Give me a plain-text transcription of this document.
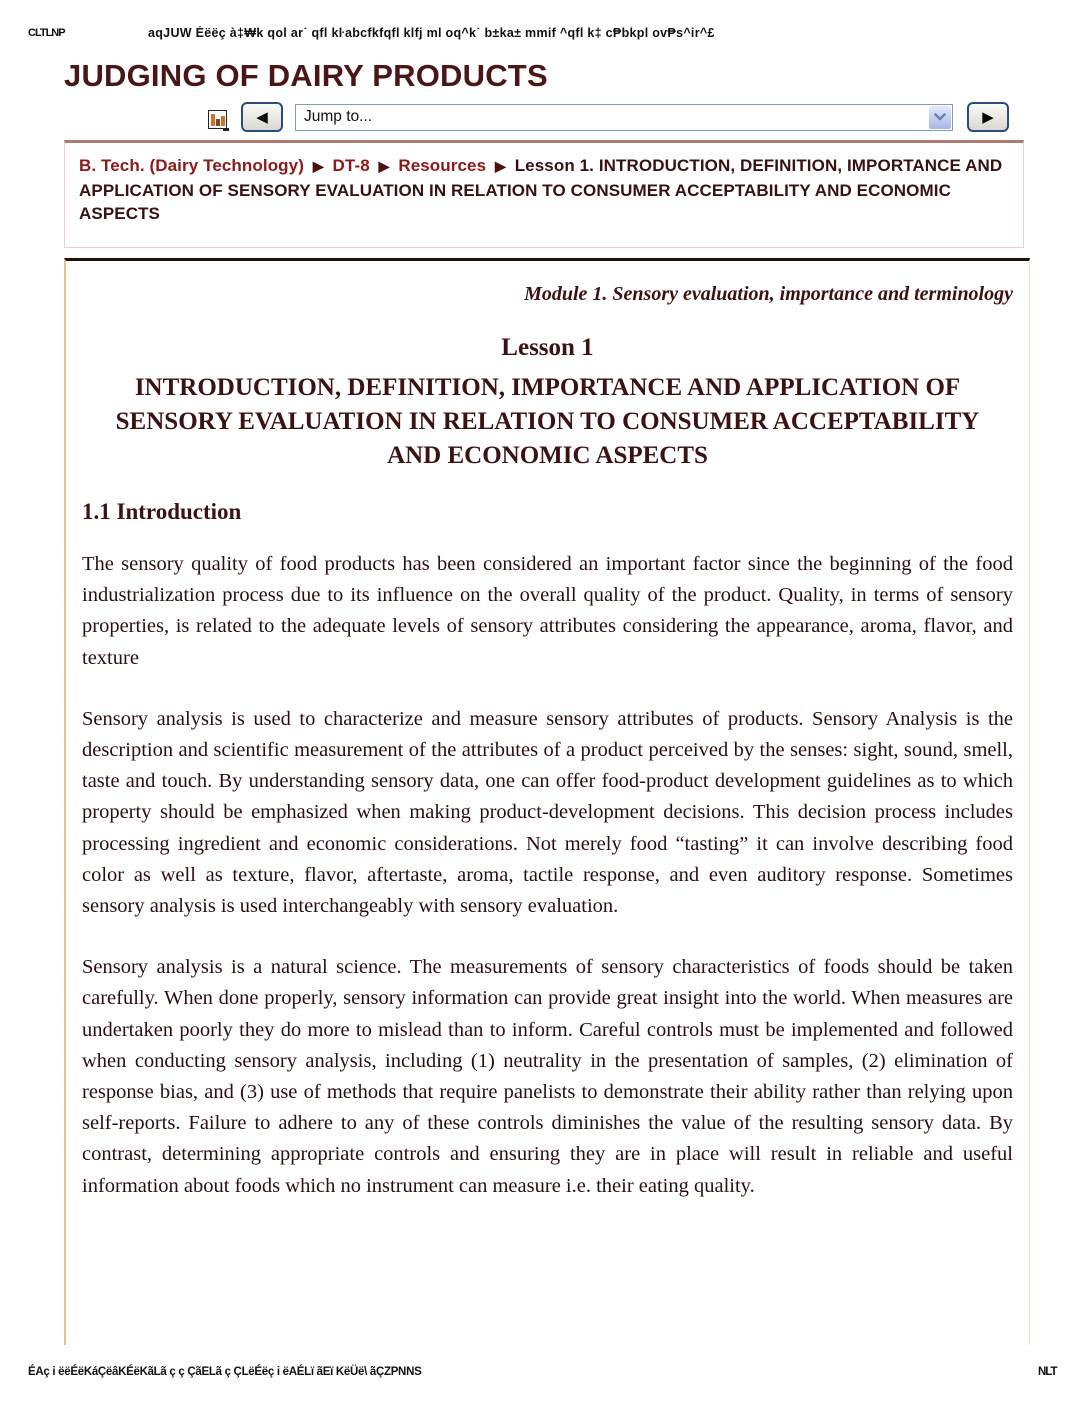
CLTLNP	aqJUW Éëëç à‡₩k qol ar˙ qfl kŀabcfkfqfl klfj ml oq^k˙ b±ka± mmif ^qfl k‡ c₱bkpl ov₱s^ir^£
JUDGING OF DAIRY PRODUCTS
◀	Jump to...	▶
B. Tech. (Dairy Technology) ▶ DT-8 ▶ Resources ▶ Lesson 1. INTRODUCTION, DEFINITION, IMPORTANCE AND APPLICATION OF SENSORY EVALUATION IN RELATION TO CONSUMER ACCEPTABILITY AND ECONOMIC ASPECTS
Module 1. Sensory evaluation, importance and terminology
Lesson 1
INTRODUCTION, DEFINITION, IMPORTANCE AND APPLICATION OF
SENSORY EVALUATION IN RELATION TO CONSUMER ACCEPTABILITY
AND ECONOMIC ASPECTS
1.1 Introduction

The sensory quality of food products has been considered an important factor since the beginning of the food industrialization process due to its influence on the overall quality of the product. Quality, in terms of sensory properties, is related to the adequate levels of sensory attributes considering the appearance, aroma, flavor, and texture

Sensory analysis is used to characterize and measure sensory attributes of products. Sensory Analysis is the description and scientific measurement of the attributes of a product perceived by the senses: sight, sound, smell, taste and touch. By understanding sensory data, one can offer food-product development guidelines as to which property should be emphasized when making product-development decisions. This decision process includes processing ingredient and economic considerations. Not merely food “tasting” it can involve describing food color as well as texture, flavor, aftertaste, aroma, tactile response, and even auditory response. Sometimes sensory analysis is used interchangeably with sensory evaluation.

Sensory analysis is a natural science. The measurements of sensory characteristics of foods should be taken carefully. When done properly, sensory information can provide great insight into the world. When measures are undertaken poorly they do more to mislead than to inform. Careful controls must be implemented and followed when conducting sensory analysis, including (1) neutrality in the presentation of samples, (2) elimination of response bias, and (3) use of methods that require panelists to demonstrate their ability rather than relying upon self-reports. Failure to adhere to any of these controls diminishes the value of the resulting sensory data. By contrast, determining appropriate controls and ensuring they are in place will result in reliable and useful information about foods which no instrument can measure i.e. their eating quality.

ÉAç i ëëÉëKáÇëâKÉëKãLã ç ç ÇãELã ç ÇLëÉëç i ëAÉLï ãEï KëÜë\ ãÇZPNNS	NLT
